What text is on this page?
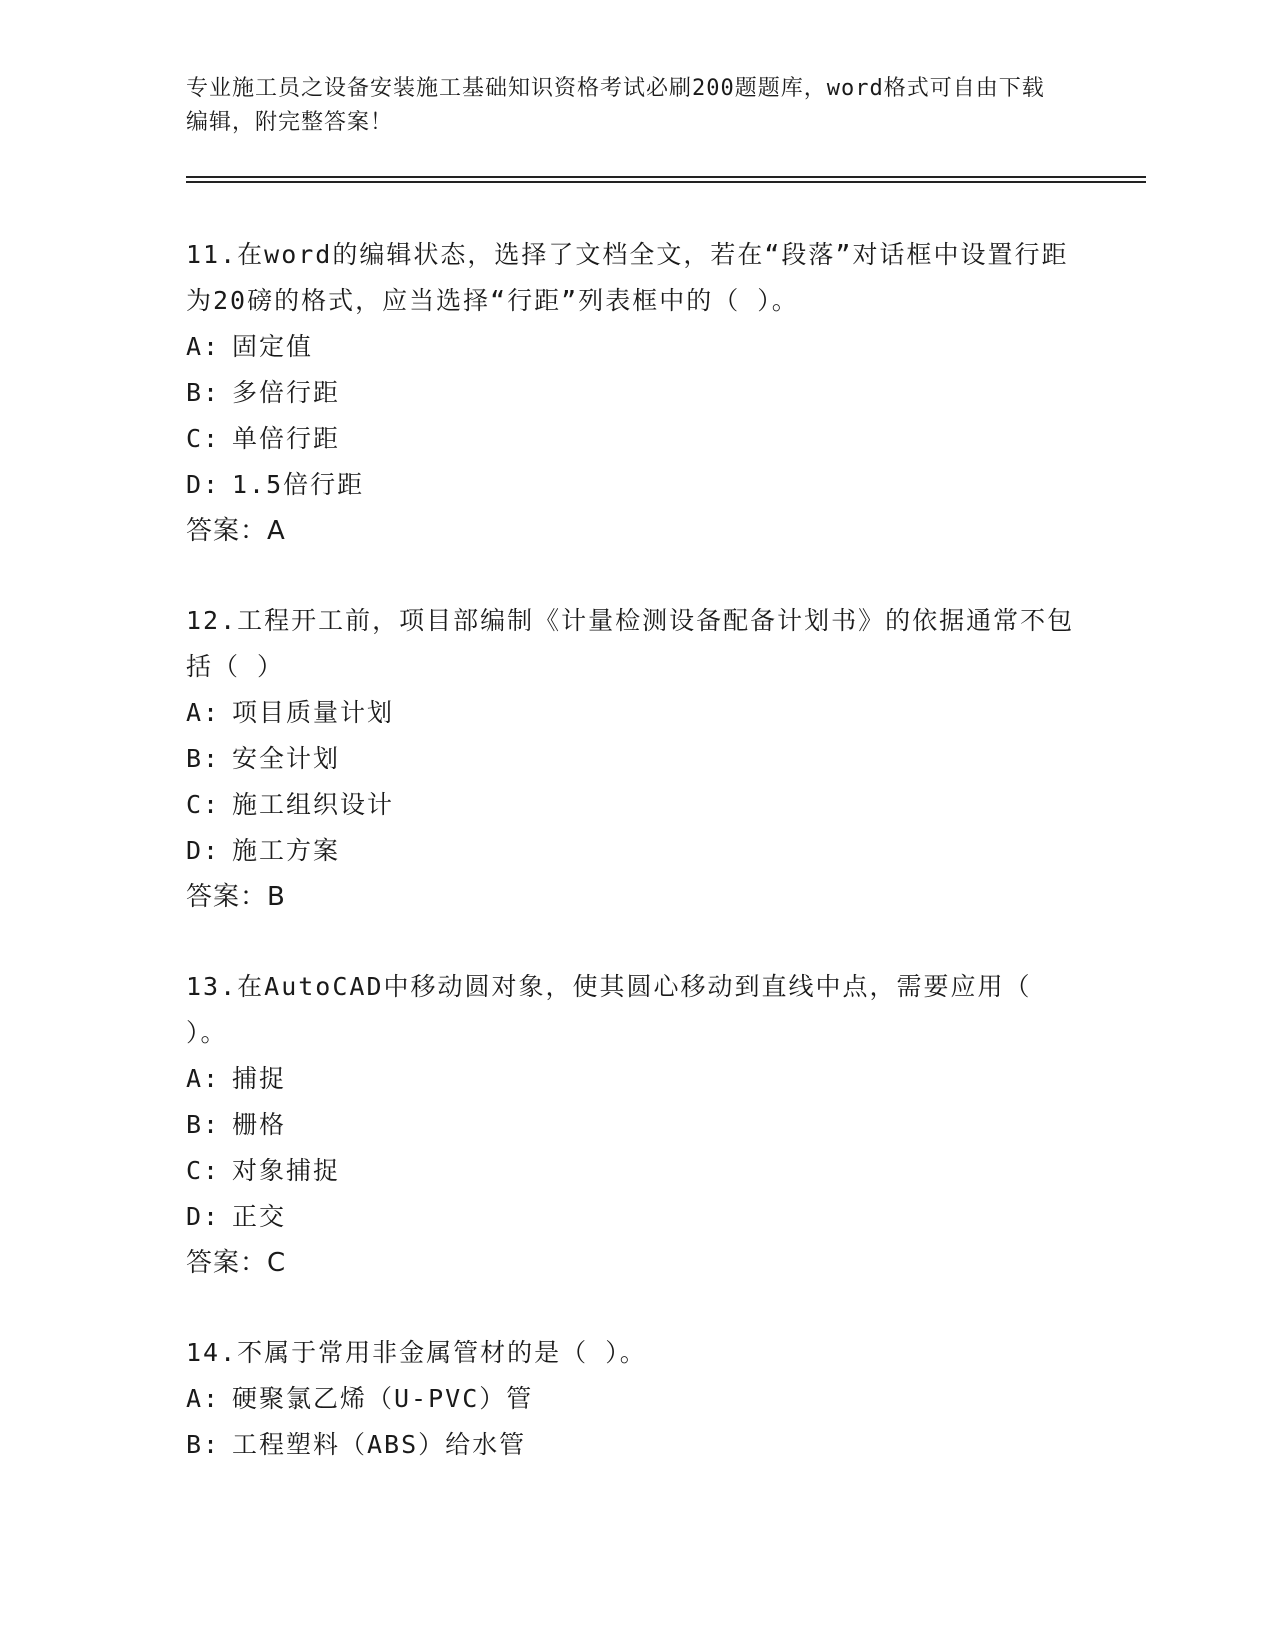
专业施工员之设备安装施工基础知识资格考试必刷200题题库，word格式可自由下载编辑，附完整答案！
11.在word的编辑状态，选择了文档全文，若在“段落”对话框中设置行距为20磅的格式，应当选择“行距”列表框中的（ ）。
A: 固定值
B: 多倍行距
C: 单倍行距
D: 1.5倍行距
答案：A
12.工程开工前，项目部编制《计量检测设备配备计划书》的依据通常不包括（ ）
A: 项目质量计划
B: 安全计划
C: 施工组织设计
D: 施工方案
答案：B
13.在AutoCAD中移动圆对象，使其圆心移动到直线中点，需要应用（ ）。
A: 捕捉
B: 栅格
C: 对象捕捉
D: 正交
答案：C
14.不属于常用非金属管材的是（ ）。
A: 硬聚氯乙烯（U-PVC）管
B: 工程塑料（ABS）给水管
